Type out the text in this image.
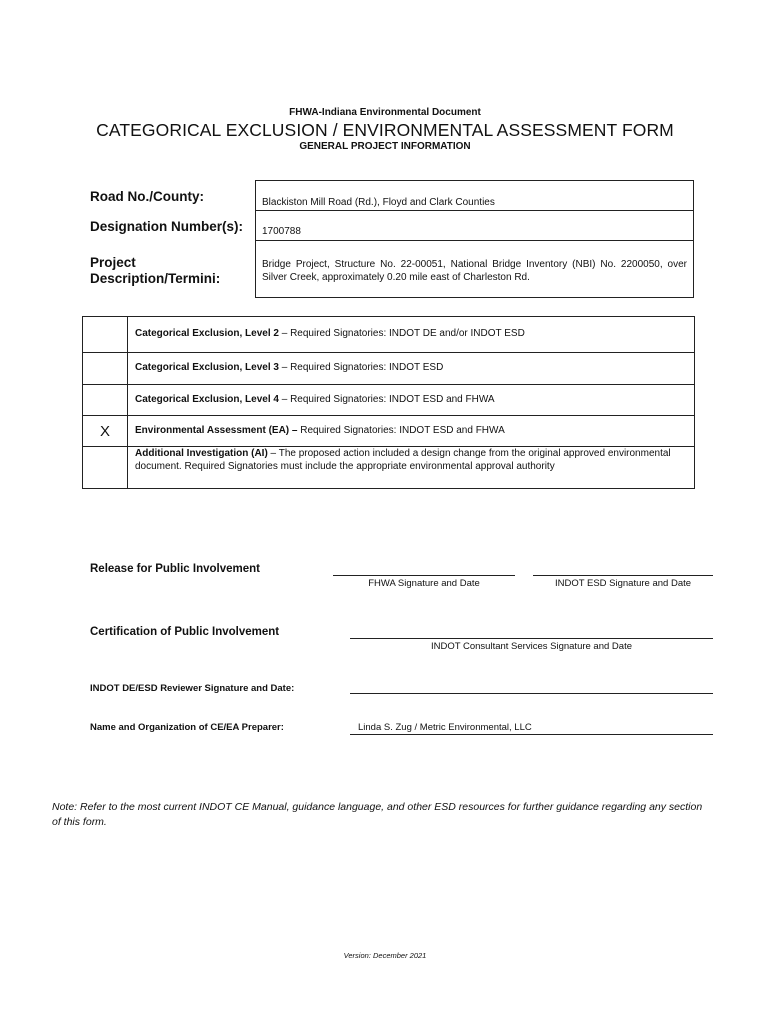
FHWA-Indiana Environmental Document
CATEGORICAL EXCLUSION / ENVIRONMENTAL ASSESSMENT FORM
GENERAL PROJECT INFORMATION
Road No./County:	Blackiston Mill Road (Rd.), Floyd and Clark Counties
Designation Number(s):	1700788
Project
Description/Termini:
Bridge Project, Structure No. 22-00051, National Bridge Inventory (NBI) No. 2200050, over Silver Creek, approximately 0.20 mile east of Charleston Rd.
Categorical Exclusion, Level 2 – Required Signatories: INDOT DE and/or INDOT ESD
Categorical Exclusion, Level 3 – Required Signatories: INDOT ESD
Categorical Exclusion, Level 4 – Required Signatories: INDOT ESD and FHWA
X	Environmental Assessment (EA) – Required Signatories: INDOT ESD and FHWA
Additional Investigation (AI) – The proposed action included a design change from the original approved environmental document. Required Signatories must include the appropriate environmental approval authority
Release for Public Involvement
FHWA Signature and Date	INDOT ESD Signature and Date
Certification of Public Involvement
INDOT Consultant Services Signature and Date
INDOT DE/ESD Reviewer Signature and Date:
Name and Organization of CE/EA Preparer:	Linda S. Zug / Metric Environmental, LLC
Note: Refer to the most current INDOT CE Manual, guidance language, and other ESD resources for further guidance regarding any section of this form.
Version: December 2021
